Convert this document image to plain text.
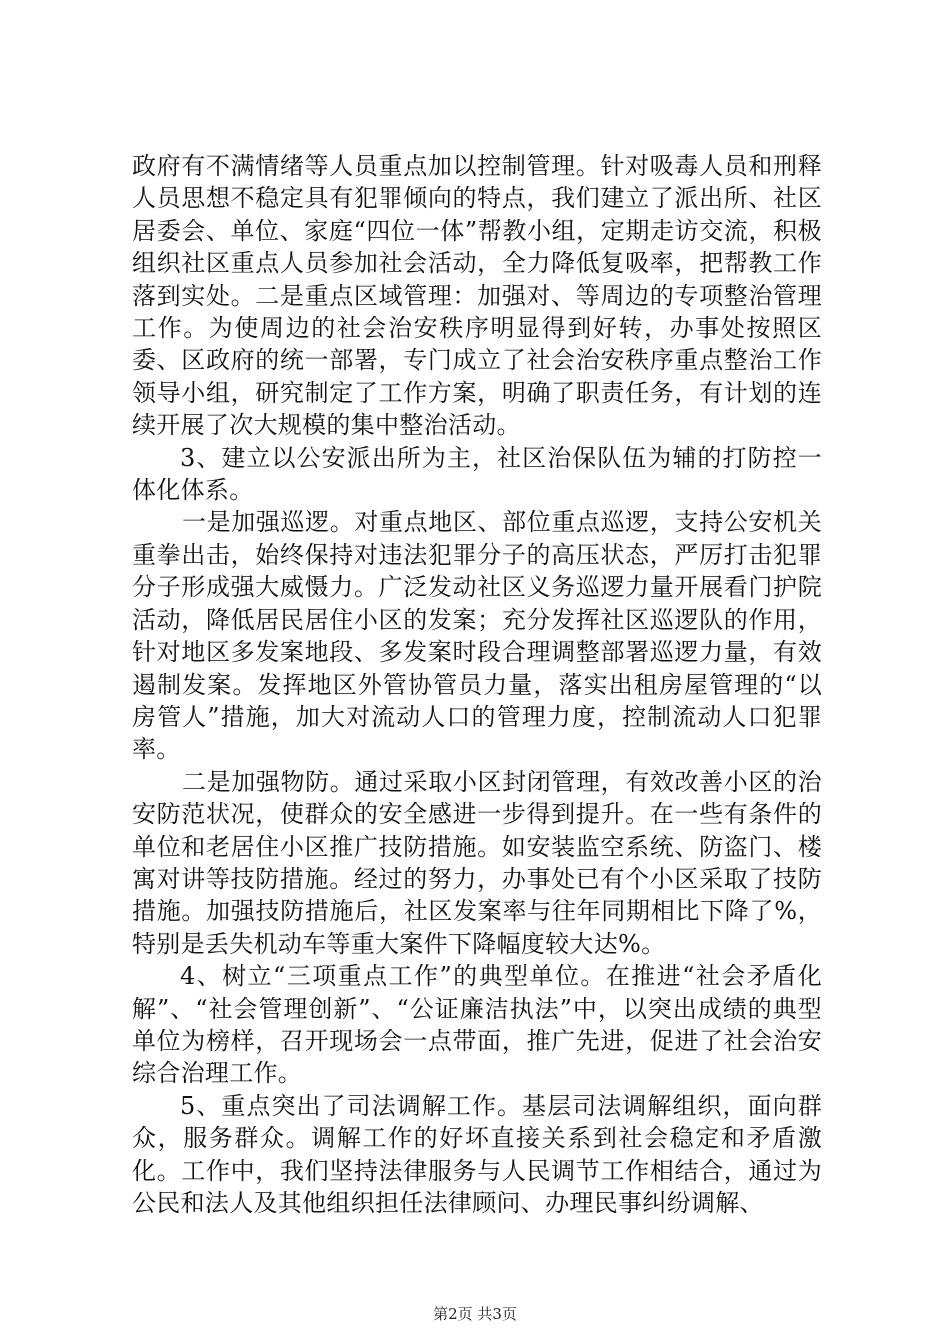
政府有不满情绪等人员重点加以控制管理。针对吸毒人员和刑释人员思想不稳定具有犯罪倾向的特点，我们建立了派出所、社区居委会、单位、家庭“四位一体”帮教小组，定期走访交流，积极组织社区重点人员参加社会活动，全力降低复吸率，把帮教工作落到实处。二是重点区域管理：加强对、等周边的专项整治管理工作。为使周边的社会治安秩序明显得到好转，办事处按照区委、区政府的统一部署，专门成立了社会治安秩序重点整治工作领导小组，研究制定了工作方案，明确了职责任务，有计划的连续开展了次大规模的集中整治活动。

3、建立以公安派出所为主，社区治保队伍为辅的打防控一体化体系。

一是加强巡逻。对重点地区、部位重点巡逻，支持公安机关重拳出击，始终保持对违法犯罪分子的高压状态，严厉打击犯罪分子形成强大威慑力。广泛发动社区义务巡逻力量开展看门护院活动，降低居民居住小区的发案；充分发挥社区巡逻队的作用，针对地区多发案地段、多发案时段合理调整部署巡逻力量，有效遏制发案。发挥地区外管协管员力量，落实出租房屋管理的“以房管人”措施，加大对流动人口的管理力度，控制流动人口犯罪率。

二是加强物防。通过采取小区封闭管理，有效改善小区的治安防范状况，使群众的安全感进一步得到提升。在一些有条件的单位和老居住小区推广技防措施。如安装监空系统、防盗门、楼寓对讲等技防措施。经过的努力，办事处已有个小区采取了技防措施。加强技防措施后，社区发案率与往年同期相比下降了%，特别是丢失机动车等重大案件下降幅度较大达%。

4、树立“三项重点工作”的典型单位。在推进“社会矛盾化解”、“社会管理创新”、“公证廉洁执法”中，以突出成绩的典型单位为榜样，召开现场会一点带面，推广先进，促进了社会治安综合治理工作。

5、重点突出了司法调解工作。基层司法调解组织，面向群众，服务群众。调解工作的好坏直接关系到社会稳定和矛盾激化。工作中，我们坚持法律服务与人民调节工作相结合，通过为公民和法人及其他组织担任法律顾问、办理民事纠纷调解、

第2页 共3页
